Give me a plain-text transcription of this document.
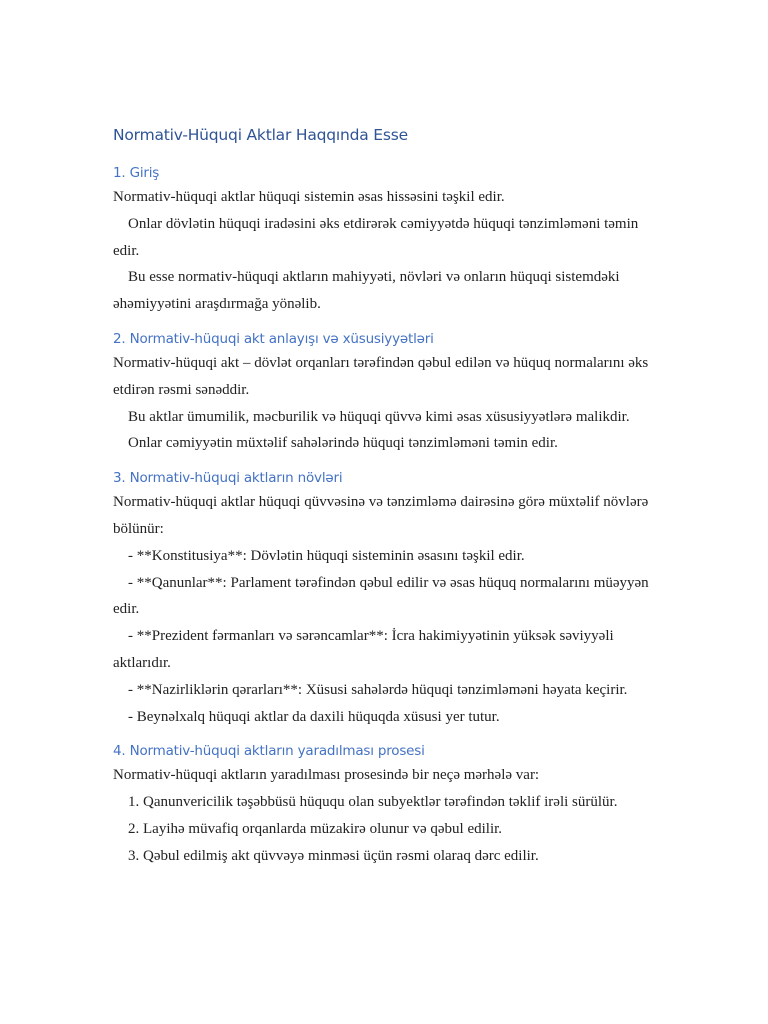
Normativ-Hüquqi Aktlar Haqqında Esse
1. Giriş

Normativ-hüquqi aktlar hüquqi sistemin əsas hissəsini təşkil edir.

Onlar dövlətin hüquqi iradəsini əks etdirərək cəmiyyətdə hüquqi tənzimləməni təmin edir.

Bu esse normativ-hüquqi aktların mahiyyəti, növləri və onların hüquqi sistemdəki əhəmiyyətini araşdırmağa yönəlib.

2. Normativ-hüquqi akt anlayışı və xüsusiyyətləri

Normativ-hüquqi akt – dövlət orqanları tərəfindən qəbul edilən və hüquq normalarını əks etdirən rəsmi sənəddir.

Bu aktlar ümumilik, məcburilik və hüquqi qüvvə kimi əsas xüsusiyyətlərə malikdir.

Onlar cəmiyyətin müxtəlif sahələrində hüquqi tənzimləməni təmin edir.

3. Normativ-hüquqi aktların növləri

Normativ-hüquqi aktlar hüquqi qüvvəsinə və tənzimləmə dairəsinə görə müxtəlif növlərə bölünür:

- **Konstitusiya**: Dövlətin hüquqi sisteminin əsasını təşkil edir.

- **Qanunlar**: Parlament tərəfindən qəbul edilir və əsas hüquq normalarını müəyyən edir.

- **Prezident fərmanları və sərəncamlar**: İcra hakimiyyətinin yüksək səviyyəli aktlarıdır.

- **Nazirliklərin qərarları**: Xüsusi sahələrdə hüquqi tənzimləməni həyata keçirir.

- Beynəlxalq hüquqi aktlar da daxili hüquqda xüsusi yer tutur.

4. Normativ-hüquqi aktların yaradılması prosesi

Normativ-hüquqi aktların yaradılması prosesində bir neçə mərhələ var:

1. Qanunvericilik təşəbbüsü hüququ olan subyektlər tərəfindən təklif irəli sürülür.

2. Layihə müvafiq orqanlarda müzakirə olunur və qəbul edilir.

3. Qəbul edilmiş akt qüvvəyə minməsi üçün rəsmi olaraq dərc edilir.
